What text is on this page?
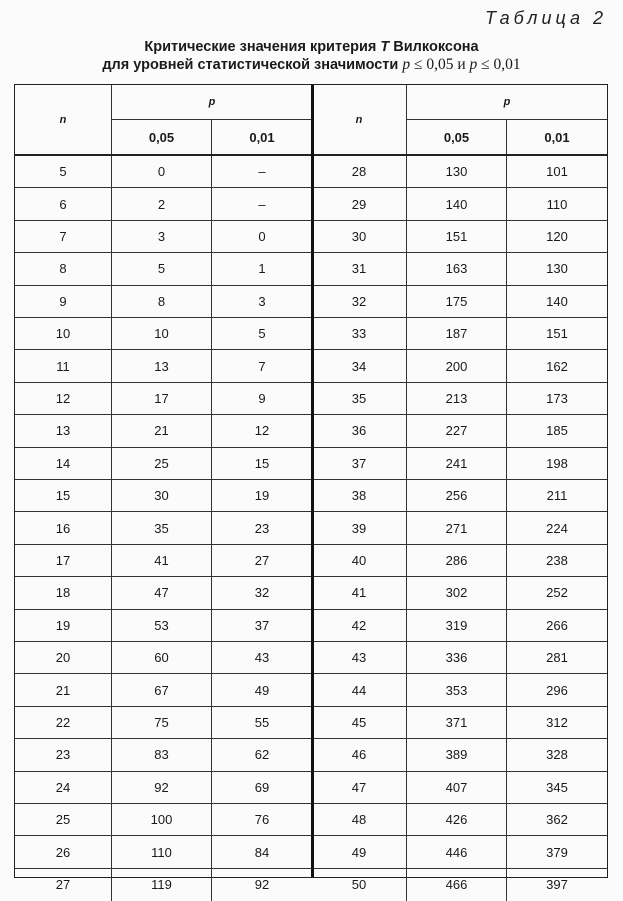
Таблица 2
Критические значения критерия T Вилкоксона
для уровней статистической значимости p ≤ 0,05 и p ≤ 0,01
n
p
0,05	0,01
5	0	–
6	2	–
7	3	0
8	5	1
9	8	3
10	10	5
11	13	7
12	17	9
13	21	12
14	25	15
15	30	19
16	35	23
17	41	27
18	47	32
19	53	37
20	60	43
21	67	49
22	75	55
23	83	62
24	92	69
25	100	76
26	110	84
27	119	92
n
p
0,05	0,01
28	130	101
29	140	110
30	151	120
31	163	130
32	175	140
33	187	151
34	200	162
35	213	173
36	227	185
37	241	198
38	256	211
39	271	224
40	286	238
41	302	252
42	319	266
43	336	281
44	353	296
45	371	312
46	389	328
47	407	345
48	426	362
49	446	379
50	466	397
